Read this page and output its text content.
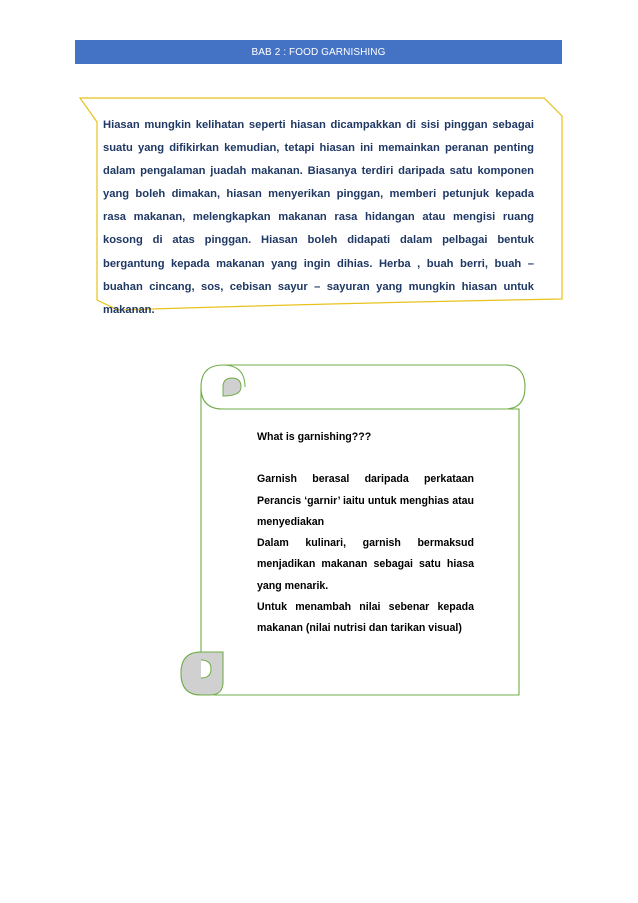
BAB 2 : FOOD GARNISHING
Hiasan mungkin kelihatan seperti hiasan dicampakkan di sisi pinggan sebagai suatu yang difikirkan kemudian, tetapi hiasan ini memainkan peranan penting dalam pengalaman juadah makanan. Biasanya terdiri daripada satu komponen yang boleh dimakan, hiasan menyerikan pinggan, memberi petunjuk kepada rasa makanan, melengkapkan makanan rasa hidangan atau mengisi ruang kosong di atas pinggan. Hiasan boleh didapati dalam pelbagai bentuk bergantung kepada makanan yang ingin dihias. Herba , buah berri, buah – buahan cincang, sos, cebisan sayur – sayuran yang mungkin hiasan untuk makanan.
What is garnishing???
Garnish berasal daripada perkataan Perancis ‘garnir’ iaitu untuk menghias atau menyediakan
Dalam kulinari, garnish bermaksud menjadikan makanan sebagai satu hiasa yang menarik.
Untuk menambah nilai sebenar kepada makanan (nilai nutrisi dan tarikan visual)
